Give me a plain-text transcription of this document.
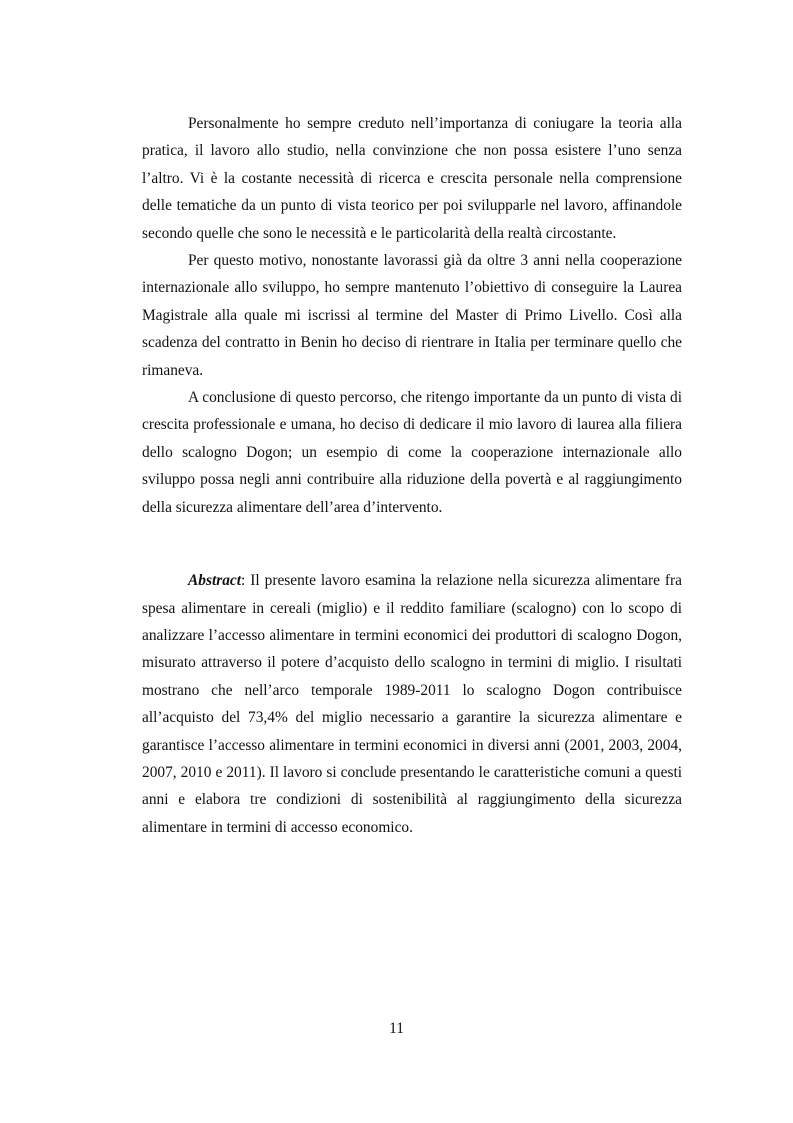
Personalmente ho sempre creduto nell’importanza di coniugare la teoria alla pratica, il lavoro allo studio, nella convinzione che non possa esistere l’uno senza l’altro. Vi è la costante necessità di ricerca e crescita personale nella comprensione delle tematiche da un punto di vista teorico per poi svilupparle nel lavoro, affinandole secondo quelle che sono le necessità e le particolarità della realtà circostante.

Per questo motivo, nonostante lavorassi già da oltre 3 anni nella cooperazione internazionale allo sviluppo, ho sempre mantenuto l’obiettivo di conseguire la Laurea Magistrale alla quale mi iscrissi al termine del Master di Primo Livello. Così alla scadenza del contratto in Benin ho deciso di rientrare in Italia per terminare quello che rimaneva.

A conclusione di questo percorso, che ritengo importante da un punto di vista di crescita professionale e umana, ho deciso di dedicare il mio lavoro di laurea alla filiera dello scalogno Dogon; un esempio di come la cooperazione internazionale allo sviluppo possa negli anni contribuire alla riduzione della povertà e al raggiungimento della sicurezza alimentare dell’area d’intervento.

Abstract: Il presente lavoro esamina la relazione nella sicurezza alimentare fra spesa alimentare in cereali (miglio) e il reddito familiare (scalogno) con lo scopo di analizzare l’accesso alimentare in termini economici dei produttori di scalogno Dogon, misurato attraverso il potere d’acquisto dello scalogno in termini di miglio. I risultati mostrano che nell’arco temporale 1989-2011 lo scalogno Dogon contribuisce all’acquisto del 73,4% del miglio necessario a garantire la sicurezza alimentare e garantisce l’accesso alimentare in termini economici in diversi anni (2001, 2003, 2004, 2007, 2010 e 2011). Il lavoro si conclude presentando le caratteristiche comuni a questi anni e elabora tre condizioni di sostenibilità al raggiungimento della sicurezza alimentare in termini di accesso economico.

11
